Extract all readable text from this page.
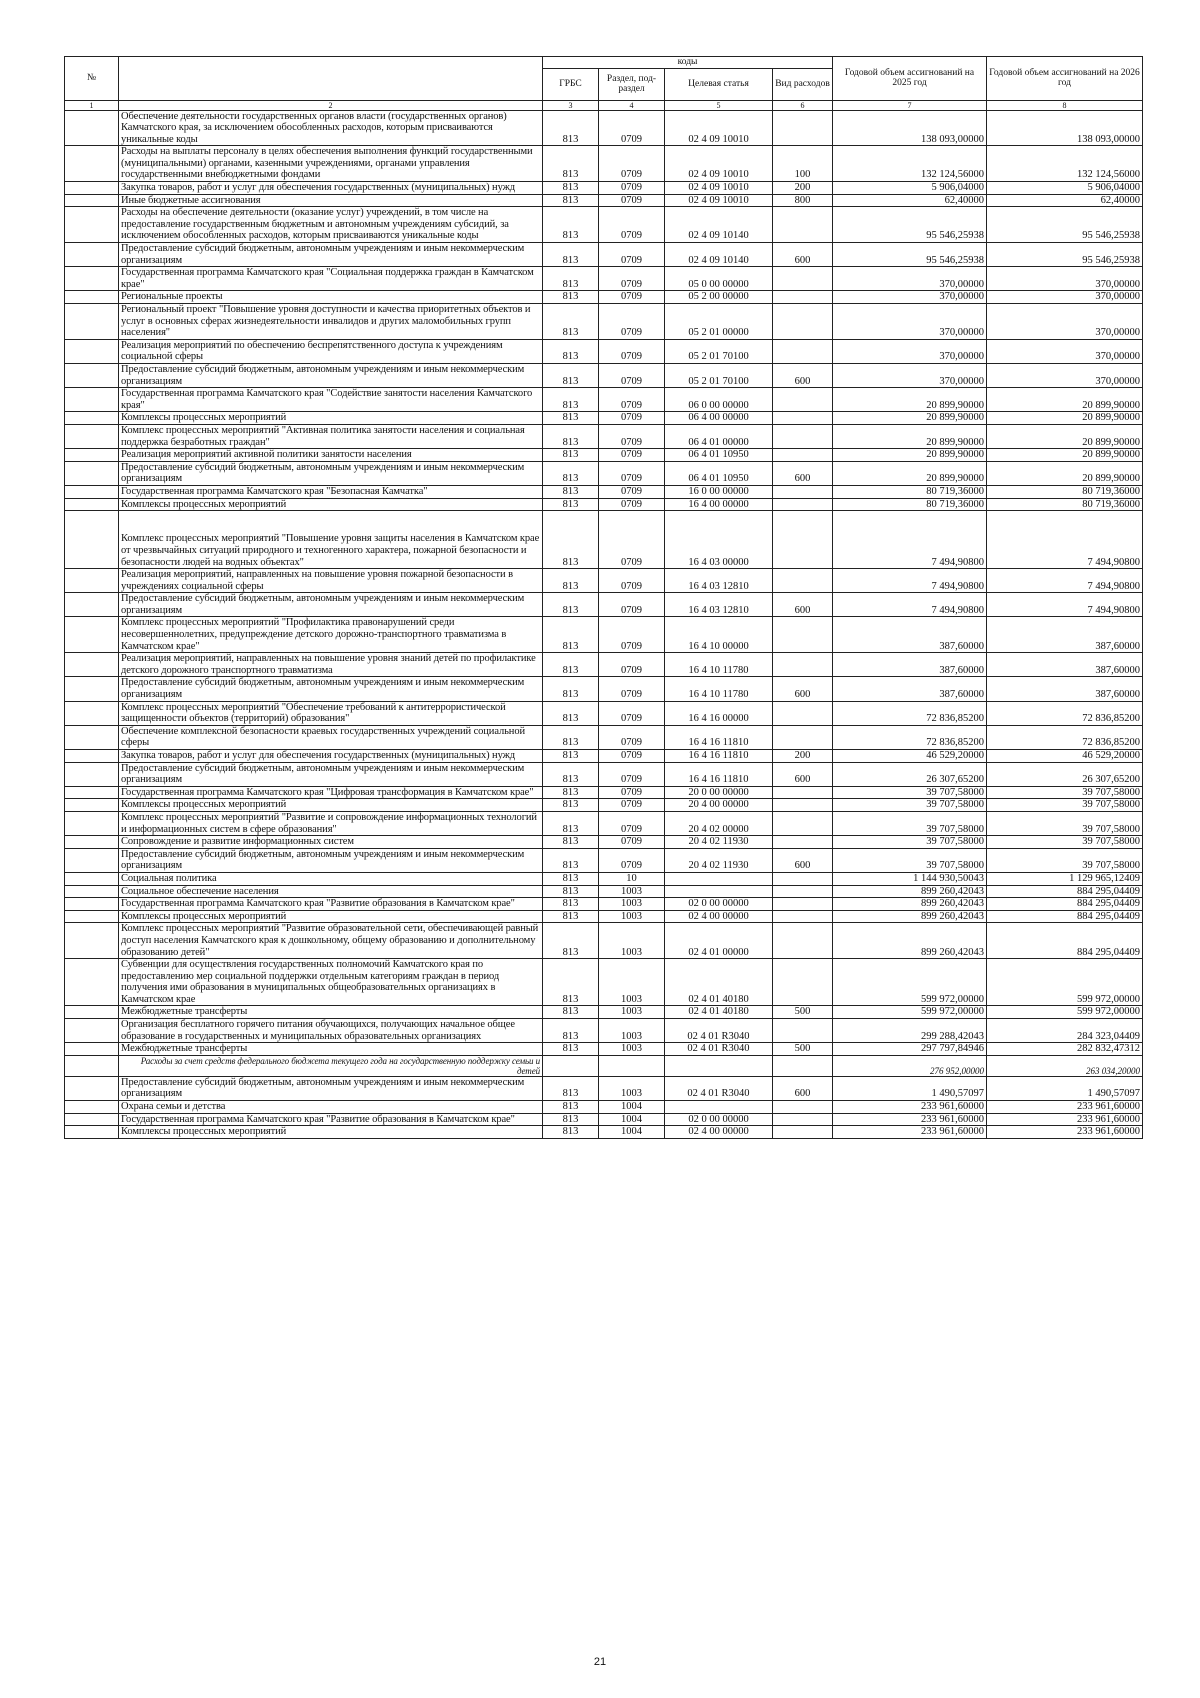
№		коды				Годовой объем ассигнований на 2025 год	Годовой объем ассигнований на 2026 год
		ГРБС	Раздел, под-раздел	Целевая статья	Вид расходов		
1	2	3	4	5	6	7	8
	Обеспечение деятельности государственных органов власти (государственных органов) Камчатского края, за исключением обособленных расходов, которым присваиваются уникальные коды	813	0709	02 4 09 10010		138 093,00000	138 093,00000
	Расходы на выплаты персоналу в целях обеспечения выполнения функций государственными (муниципальными) органами, казенными учреждениями, органами управления государственными внебюджетными фондами	813	0709	02 4 09 10010	100	132 124,56000	132 124,56000
	Закупка товаров, работ и услуг для обеспечения государственных (муниципальных) нужд	813	0709	02 4 09 10010	200	5 906,04000	5 906,04000
	Иные бюджетные ассигнования	813	0709	02 4 09 10010	800	62,40000	62,40000
	Расходы на обеспечение деятельности (оказание услуг) учреждений, в том числе на предоставление государственным бюджетным и автономным учреждениям субсидий, за исключением обособленных расходов, которым присваиваются уникальные коды	813	0709	02 4 09 10140		95 546,25938	95 546,25938
	Предоставление субсидий бюджетным, автономным учреждениям и иным некоммерческим организациям	813	0709	02 4 09 10140	600	95 546,25938	95 546,25938
	Государственная программа Камчатского края "Социальная поддержка граждан в Камчатском крае"	813	0709	05 0 00 00000		370,00000	370,00000
	Региональные проекты	813	0709	05 2 00 00000		370,00000	370,00000
	Региональный проект "Повышение уровня доступности и качества приоритетных объектов и услуг в основных сферах жизнедеятельности инвалидов и других маломобильных групп населения"	813	0709	05 2 01 00000		370,00000	370,00000
	Реализация мероприятий по обеспечению беспрепятственного доступа к учреждениям социальной сферы	813	0709	05 2 01 70100		370,00000	370,00000
	Предоставление субсидий бюджетным, автономным учреждениям и иным некоммерческим организациям	813	0709	05 2 01 70100	600	370,00000	370,00000
	Государственная программа Камчатского края "Содействие занятости населения Камчатского края"	813	0709	06 0 00 00000		20 899,90000	20 899,90000
	Комплексы процессных мероприятий	813	0709	06 4 00 00000		20 899,90000	20 899,90000
	Комплекс процессных мероприятий "Активная политика занятости населения и социальная поддержка безработных граждан"	813	0709	06 4 01 00000		20 899,90000	20 899,90000
	Реализация мероприятий активной политики занятости населения	813	0709	06 4 01 10950		20 899,90000	20 899,90000
	Предоставление субсидий бюджетным, автономным учреждениям и иным некоммерческим организациям	813	0709	06 4 01 10950	600	20 899,90000	20 899,90000
	Государственная программа Камчатского края "Безопасная Камчатка"	813	0709	16 0 00 00000		80 719,36000	80 719,36000
	Комплексы процессных мероприятий	813	0709	16 4 00 00000		80 719,36000	80 719,36000
	Комплекс процессных мероприятий "Повышение уровня защиты населения в Камчатском крае от чрезвычайных ситуаций природного и техногенного характера, пожарной безопасности и безопасности людей на водных объектах"	813	0709	16 4 03 00000		7 494,90800	7 494,90800
	Реализация мероприятий, направленных на повышение уровня пожарной безопасности в учреждениях социальной сферы	813	0709	16 4 03 12810		7 494,90800	7 494,90800
	Предоставление субсидий бюджетным, автономным учреждениям и иным некоммерческим организациям	813	0709	16 4 03 12810	600	7 494,90800	7 494,90800
	Комплекс процессных мероприятий "Профилактика правонарушений среди несовершеннолетних, предупреждение детского дорожно-транспортного травматизма в Камчатском крае"	813	0709	16 4 10 00000		387,60000	387,60000
	Реализация мероприятий, направленных на повышение уровня знаний детей по профилактике детского дорожного транспортного травматизма	813	0709	16 4 10 11780		387,60000	387,60000
	Предоставление субсидий бюджетным, автономным учреждениям и иным некоммерческим организациям	813	0709	16 4 10 11780	600	387,60000	387,60000
	Комплекс процессных мероприятий "Обеспечение требований к антитеррористической защищенности объектов (территорий) образования"	813	0709	16 4 16 00000		72 836,85200	72 836,85200
	Обеспечение комплексной безопасности краевых государственных учреждений социальной сферы	813	0709	16 4 16 11810		72 836,85200	72 836,85200
	Закупка товаров, работ и услуг для обеспечения государственных (муниципальных) нужд	813	0709	16 4 16 11810	200	46 529,20000	46 529,20000
	Предоставление субсидий бюджетным, автономным учреждениям и иным некоммерческим организациям	813	0709	16 4 16 11810	600	26 307,65200	26 307,65200
	Государственная программа Камчатского края "Цифровая трансформация в Камчатском крае"	813	0709	20 0 00 00000		39 707,58000	39 707,58000
	Комплексы процессных мероприятий	813	0709	20 4 00 00000		39 707,58000	39 707,58000
	Комплекс процессных мероприятий "Развитие и сопровождение информационных технологий и информационных систем в сфере образования"	813	0709	20 4 02 00000		39 707,58000	39 707,58000
	Сопровождение и развитие информационных систем	813	0709	20 4 02 11930		39 707,58000	39 707,58000
	Предоставление субсидий бюджетным, автономным учреждениям и иным некоммерческим организациям	813	0709	20 4 02 11930	600	39 707,58000	39 707,58000
	Социальная политика	813	10			1 144 930,50043	1 129 965,12409
	Социальное обеспечение населения	813	1003			899 260,42043	884 295,04409
	Государственная программа Камчатского края "Развитие образования в Камчатском крае"	813	1003	02 0 00 00000		899 260,42043	884 295,04409
	Комплексы процессных мероприятий	813	1003	02 4 00 00000		899 260,42043	884 295,04409
	Комплекс процессных мероприятий "Развитие образовательной сети, обеспечивающей равный доступ населения Камчатского края к дошкольному, общему образованию и дополнительному образованию детей"	813	1003	02 4 01 00000		899 260,42043	884 295,04409
	Субвенции для осуществления государственных полномочий Камчатского края по предоставлению мер социальной поддержки отдельным категориям граждан в период получения ими образования в муниципальных общеобразовательных организациях в Камчатском крае	813	1003	02 4 01 40180		599 972,00000	599 972,00000
	Межбюджетные трансферты	813	1003	02 4 01 40180	500	599 972,00000	599 972,00000
	Организация бесплатного горячего питания обучающихся, получающих начальное общее образование в государственных и муниципальных образовательных организациях	813	1003	02 4 01 R3040		299 288,42043	284 323,04409
	Межбюджетные трансферты	813	1003	02 4 01 R3040	500	297 797,84946	282 832,47312
	Расходы за счет средств федерального бюджета текущего года на государственную поддержку семьи и детей					276 952,00000	263 034,20000
	Предоставление субсидий бюджетным, автономным учреждениям и иным некоммерческим организациям	813	1003	02 4 01 R3040	600	1 490,57097	1 490,57097
	Охрана семьи и детства	813	1004			233 961,60000	233 961,60000
	Государственная программа Камчатского края "Развитие образования в Камчатском крае"	813	1004	02 0 00 00000		233 961,60000	233 961,60000
	Комплексы процессных мероприятий	813	1004	02 4 00 00000		233 961,60000	233 961,60000
21
